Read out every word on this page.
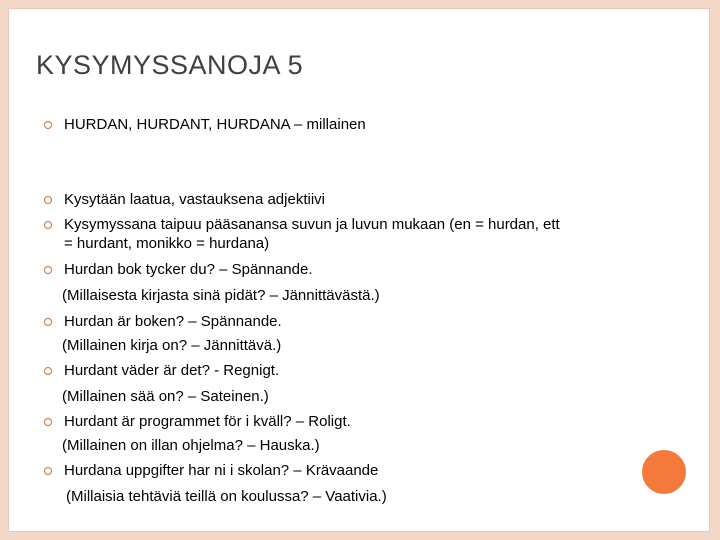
KYSYMYSSANOJA 5
HURDAN, HURDANT, HURDANA – millainen
Kysytään laatua, vastauksena adjektiivi
Kysymyssana taipuu pääsanansa suvun ja luvun mukaan (en = hurdan, ett
= hurdant, monikko = hurdana)
Hurdan bok tycker du? – Spännande.
(Millaisesta kirjasta sinä pidät? – Jännittävästä.)
Hurdan är boken? – Spännande.
(Millainen kirja on? – Jännittävä.)
Hurdant väder är det? - Regnigt.
(Millainen sää on? – Sateinen.)
Hurdant är programmet för i kväll? – Roligt.
(Millainen on illan ohjelma? – Hauska.)
Hurdana uppgifter har ni i skolan? – Krävaande
(Millaisia tehtäviä teillä on koulussa? – Vaativia.)
